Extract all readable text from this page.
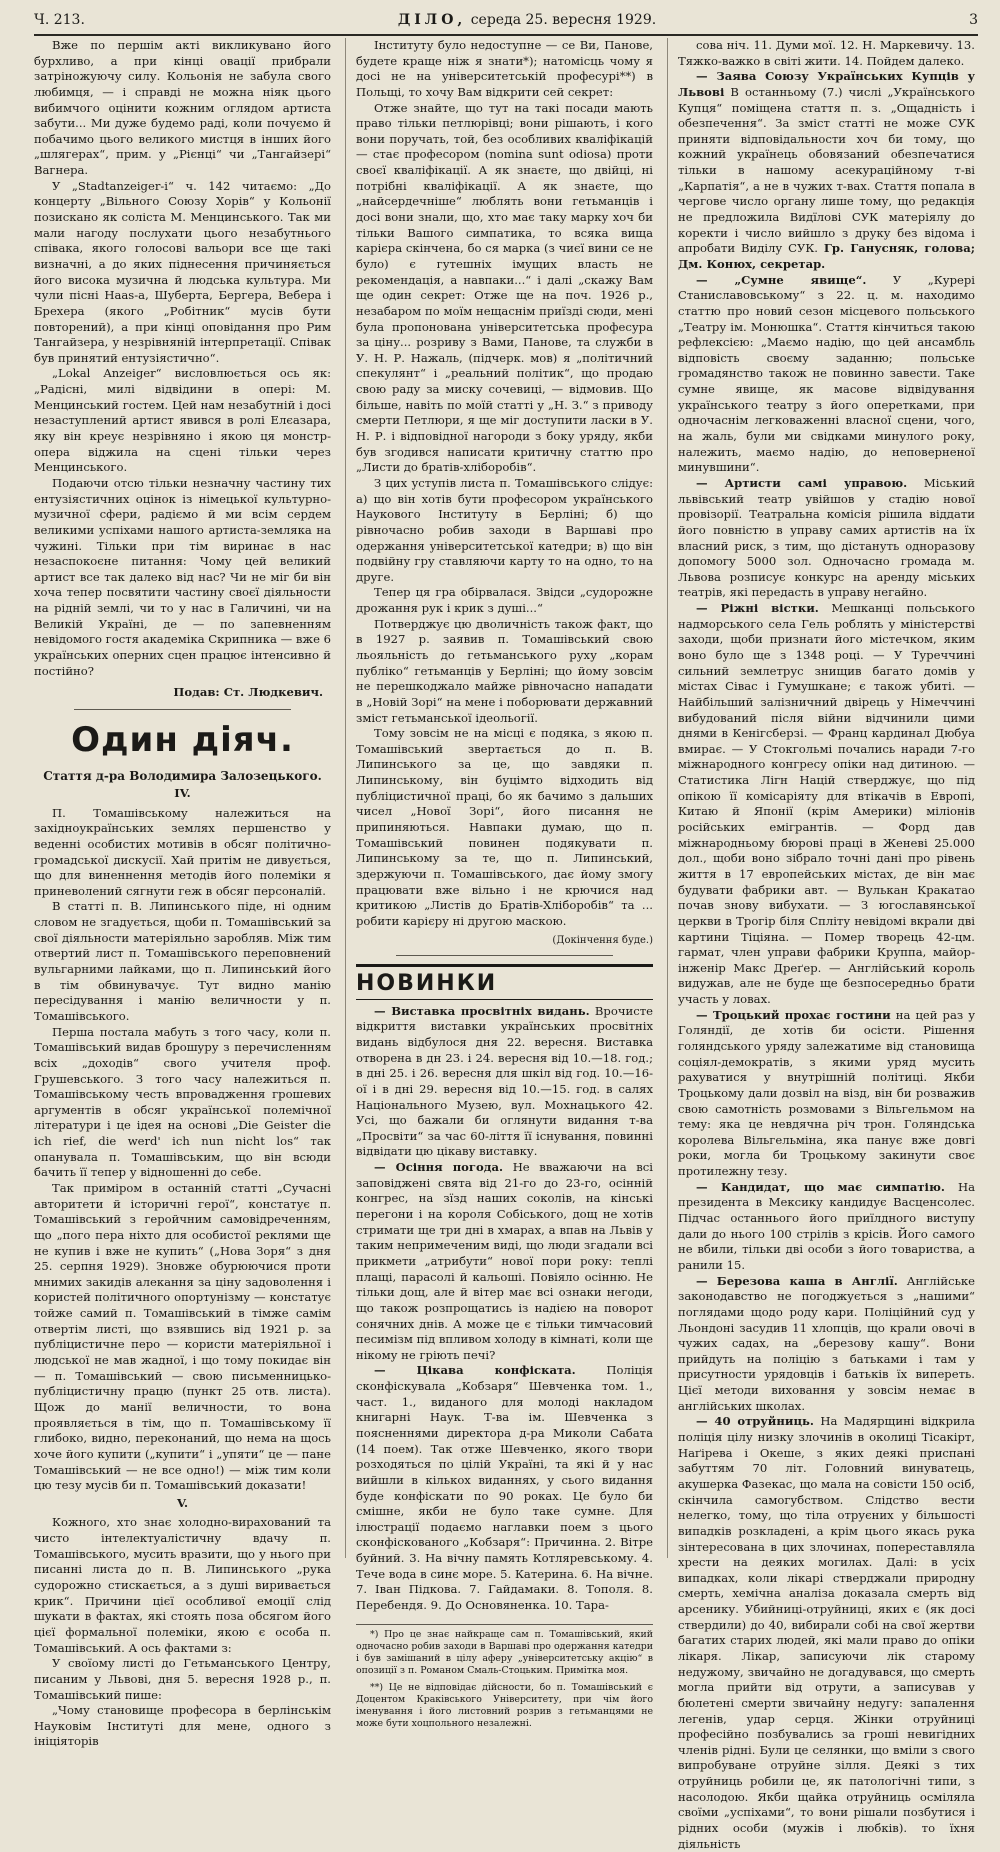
Ч. 213.	ДІЛО, середа 25. вересня 1929.	3

Вже по першім акті викликувано його бурхливо, а при кінці овації прибрали затріножуючу силу. Кольонія не забула свого любимця, — і справді не можна ніяк цього вибимчого оцінити кожним оглядом артиста забути... Ми дуже будемо раді, коли почуємо й побачимо цього великого мистця в інших його „шлягерах“, прим. у „Рієнці“ чи „Тангайзері“ Вагнера.

У „Stadtanzeiger-і“ ч. 142 читаємо: „До концерту „Вільного Союзу Хорів“ у Кольонії позискано як соліста М. Менцинського. Так ми мали нагоду послухати цього незабутнього співака, якого голосові вальори все ще такі визначні, а до яких піднесення причиняється його висока музична й людська культура. Ми чули пісні Haas-а, Шуберта, Бергера, Вебера і Брехера (якого „Робітник“ мусів бути повторений), а при кінці оповідання про Рим Тангайзера, у незрівняній інтерпретації. Співак був принятий ентузіястично“.

„Lokal Anzeiger“ висловлюється ось як: „Радісні, милі відвідини в опері: М. Менцинський гостем. Цей нам незабутній і досі незаступлений артист явився в ролі Елєазара, яку він креує незрівняно і якою ця монстр-опера віджила на сцені тільки через Менцинського.

Подаючи отсю тільки незначну частину тих ентузіястичних оцінок із німецької культурно-музичної сфери, радіємо й ми всім сердем великими успіхами нашого артиста-земляка на чужині. Тільки при тім виринає в нас незаспокоєне питання: Чому цей великий артист все так далеко від нас? Чи не міг би він хоча тепер посвятити частину своєї діяльности на рідній землі, чи то у нас в Галичині, чи на Великій Україні, де — по запевненням невідомого гостя академіка Скрипника — вже 6 українських оперних сцен працює інтенсивно й постійно?

Подав: Ст. Людкевич.
Один діяч.
Стаття д-ра Володимира Залозецького.
IV.

П. Томашівському належиться на західноукраїнських землях першенство у веденні особистих мотивів в обсяг політично-громадської дискусії. Хай притім не дивується, що для виненнення методів його полеміки я приневолений сягнути геж в обсяг персоналій.

В статті п. В. Липинського піде, ні одним словом не згадується, щоби п. Томашівський за свої діяльности матеріяльно заробляв. Між тим отвертий лист п. Томашівського переповнений вульгарними лайками, що п. Липинський його в тім обвинувачує. Тут видно манію пересідування і манію величности у п. Томашівського.

Перша постала мабуть з того часу, коли п. Томашівський видав брошуру з перечисленням всіх „доходів“ свого учителя проф. Грушевського. З того часу належиться п. Томашівському честь впровадження грошевих аргументів в обсяг української полемічної літератури і це ідея на основі „Die Geister die ich rief, die werd' ich nun nicht los“ так опанувала п. Томашівським, що він всюди бачить її тепер у відношенні до себе.

Так приміром в останній статті „Сучасні авторитети й історичні герої“, констатує п. Томашівський з геройчним самовідреченням, що „пого пера ніхто для особистої реклями ще не купив і вже не купить“ („Нова Зоря“ з дня 25. серпня 1929). Зновже обурюючися проти мнимих закидів алекання за ціну задоволення і користей політичного опортунізму — констатує тойже самий п. Томашівський в тімже самім отвертім листі, що взявшись від 1921 р. за публіцистичне перо — користи матеріяльної і людської не мав жадної, і що тому покидає він — п. Томашівський — свою письменницько-публіцистичну працю (пункт 25 отв. листа). Щож до манії величности, то вона проявляється в тім, що п. Томашівському її глибоко, видно, переконаний, що нема на щось хоче його купити („купити“ і „упяти“ це — пане Томашівський — не все одно!) — між тим коли цю тезу мусів би п. Томашівський доказати!

V.

Кожного, хто знає холодно-вирахований та чисто інтелектуалістичну вдачу п. Томашівського, мусить вразити, що у нього при писанні листа до п. В. Липинського „рука судорожно стискається, а з душі виривається крик“. Причини цієї особливої емоції слід шукати в фактах, які стоять поза обсягом його цієї формальної полеміки, якою є особа п. Томашівський. А ось фактами з:

У своїому листі до Гетьманського Центру, писаним у Львові, дня 5. вересня 1928 р., п. Томашівський пише:

„Чому становище професора в берлінськім Науковім Інституті для мене, одного з ініціяторів

Інституту було недоступне — се Ви, Панове, будете краще ніж я знати*); натомісць чому я досі не на університетській професурі**) в Польщі, то хочу Вам відкрити сей секрет:

Отже знайте, що тут на такі посади мають право тільки петлюрівці; вони рішають, і кого вони поручать, той, без особливих кваліфікацій — стає професором (nomina sunt odiosa) проти своєї кваліфікації. А як знаєте, що двійці, ні потрібні кваліфікації. А як знаєте, що „найсердечніше“ люблять вони гетьманців і досі вони знали, що, хто має таку марку хоч би тільки Вашого симпатика, то всяка вища карієра скінчена, бо ся марка (з чиєї вини се не було) є гутешніх імущих власть не рекомендація, а навпаки...“ і далі „скажу Вам ще один секрет: Отже ще на поч. 1926 р., незабаром по моїм нещаснім приїзді сюди, мені була пропонована університетська професура за ціну... розриву з Вами, Панове, та служби в У. Н. Р. Нажаль, (підчерк. мов) я „політичний спекулянт“ і „реальний політик“, що продаю свою раду за миску сочевиці, — відмовив. Що більше, навіть по моїй статті у „Н. З.“ з приводу смерти Петлюри, я ще міг доступити ласки в У. Н. Р. і відповідної нагороди з боку уряду, якби був згодився написати критичну статтю про „Листи до братів-хліборобів“.

З цих уступів листа п. Томашівського слідує: а) що він хотів бути професором українського Наукового Інституту в Берліні; б) що рівночасно робив заходи в Варшаві про одержання університетської катедри; в) що він подвійну гру ставляючи карту то на одно, то на друге.

Тепер ця гра обірвалася. Звідси „судорожне дрожання рук і крик з душі...“

Потверджує цю дволичність також факт, що в 1927 р. заявив п. Томашівський свою льояльність до гетьманського руху „корам публіко“ гетьманців у Берліні; що йому зовсім не перешкоджало майже рівночасно нападати в „Новій Зорі“ на мене і поборювати державний зміст гетьманської ідеольогії.

Тому зовсім не на місці є подяка, з якою п. Томашівський звертається до п. В. Липинського за це, що завдяки п. Липинському, він буцімто відходить від публіцистичної праці, бо як бачимо з дальших чисел „Нової Зорі“, його писання не припиняються. Навпаки думаю, що п. Томашівський повинен подякувати п. Липинському за те, що п. Липинський, здержуючи п. Томашівського, дає йому змогу працювати вже вільно і не крючися над критикою „Листів до Братів-Хліборобів“ та ... робити карієру ні другою маскою.

(Докінчення буде.)
НОВИНКИ

— Виставка просвітніх видань. Врочисте відкриття виставки українських просвітніх видань відбулося дня 22. вересня. Виставка отворена в дн 23. і 24. вересня від 10.—18. год.; в дні 25. і 26. вересня для шкіл від год. 10.—16-ої і в дні 29. вересня від 10.—15. год. в салях Національного Музею, вул. Мохнацького 42. Усі, що бажали би оглянути видання т-ва „Просвіти“ за час 60-ліття її існування, повинні відвідати цю цікаву виставку.

— Осіння погода. Не вважаючи на всі заповіджені свята від 21-го до 23-го, осінній конгрес, на зїзд наших соколів, на кінські перегони і на короля Собіського, дощ не хотів стримати ще три дні в хмарах, а впав на Львів у таким непримеченим виді, що люди згадали всі прикмети „атрибути“ нової пори року: теплі плащі, парасолі й кальоші. Повіяло осінню. Не тільки дощ, але й вітер має всі ознаки негоди, що також розпрощатись із надією на поворот сонячних днів. А може це є тільки тимчасовий песимізм під впливом холоду в кімнаті, коли ще нікому не гріють печі?

— Цікава конфіската.	Поліція сконфіскувала „Кобзаря“ Шевченка том. 1., част. 1., виданого для молоді накладом книгарні Наук. Т-ва ім. Шевченка з поясненнями директора д-ра Миколи Сабата (14 поем). Так отже Шевченко, якого твори розходяться по цілій Україні, та які й у нас вийшли в кількох виданнях, у сього видання буде конфіскати по 90 роках. Це було би смішне, якби не було таке сумне. Для ілюстрації подаємо наглавки поем з цього сконфіскованого „Кобзаря“: Причинна. 2. Вітре буйний. 3. На вічну память Котляревському. 4. Тече вода в синє море. 5. Катерина. 6. На вічне. 7. Іван Підкова. 7. Гайдамаки. 8. Тополя. 8. Перебендя. 9. До Основяненка. 10. Тара-

*) Про це знає найкраще сам п. Томашівський, який одночасно робив заходи в Варшаві про одержання катедри і був замішаний в цілу аферу „університетську акцію“ в опозиції з п. Романом Смаль-Стоцьким. Примітка моя.

**) Це не відповідає дійсности, бо п. Томашівський є Доцентом Краківського Університету, при чім його іменування і його листовний розрив з гетьманцями не може бути хоцпольного незалежні.

сова ніч. 11. Думи мої. 12. Н. Маркевичу. 13. Тяжко-важко в світі жити. 14. Пойдем далеко.

— Заява Союзу Українських Купців у Львові В останньому (7.) числі „Українського Купця“ поміщена стаття п. з. „Ощадність і обезпечення“. За зміст статті не може СУК приняти відповідальности хоч би тому, що кожний українець обовязаний обезпечатися тільки в нашому асекураційному т-ві „Карпатія“, а не в чужих т-вах. Стаття попала в чергове число органу лише тому, що редакція не предложила Видїлові СУК матеріялу до коректи і число вийшло з друку без відома і апробати Виділу СУК. Гр. Ганусняк, голова; Дм. Конюх, секретар.

— „Сумне явище“. У „Курері Станиславовському“ з 22. ц. м. находимо статтю про новий сезон місцевого польського „Театру ім. Монюшка“. Стаття кінчиться такою рефлексією: „Маємо надію, що цей ансамбль відповість своєму заданню; польське громадянство також не повинно завести. Таке сумне явище, як масове відвідування українського театру з його оперетками, при одночаснім легковаженні власної сцени, чого, на жаль, були ми свідками минулого року, належить, маємо надію, до неповерненої минувшини“.

— Артисти самі управою. Міський львівський театр увійшов у стадію нової провізорії. Театральна комісія рішила віддати його повністю в управу самих артистів на їх власний риск, з тим, що дістануть одноразову допомогу 5000 зол. Одночасно громада м. Львова розписує конкурс на аренду міських театрів, які передасть в управу негайно.

— Ріжні вістки. Мешканці польського надморського села Гель роблять у міністерстві заходи, щоби признати його містечком, яким воно було ще з 1348 році. — У Туреччині сильний землетрус знищив багато домів у містах Сівас і Гумушкане; є також убиті. — Найбільший залізничний двірець у Німеччині вибудований після війни відчинили цими днями в Кенігсберзі. — Франц кардинал Дюбуа вмирає. — У Стокгольмі почались наради 7-го міжнародного конгресу опіки над дитиною. — Статистика Лігн Націй стверджує, що під опікою її комісаріяту для втікачів в Европі, Китаю й Японії (крім Америки) міліонів російських емігрантів. — Форд дав міжнародньому бюрові праці в Женеві 25.000 дол., щоби воно зібрало точні дані про рівень життя в 17 европейських містах, де він має будувати фабрики авт. — Вулькан Кракатао почав знову вибухати. — З югославянської церкви в Трогір біля Спліту невідомі вкрали дві картини Тіціяна. — Помер творець 42-цм. гармат, член управи фабрики Круппа, майор-інженір Макс Дреґер. — Англійський король видужав, але не буде ще безпосередньо брати участь у ловах.

— Троцький прохає гостини на цей раз у Голяндії, де хотів би осісти. Рішення голяндського уряду залежатиме від становища соціял-демократів, з якими уряд мусить рахуватися у внутрішній політиці. Якби Троцькому дали дозвіл на візд, він би розважив свою самотність розмовами з Вільгельмом на тему: яка це невдячна річ трон. Голяндська королева Вільгельміна, яка панує вже довгі роки, могла би Троцькому закинути своє протилежну тезу.

— Кандидат, що має симпатію. На президента в Мексику кандидує Васценсолес. Підчас останнього його приїлдного виступу дали до нього 100 стрілів з крісів. Його самого не вбили, тільки дві особи з його товариства, а ранили 15.

— Березова каша в Англії. Англійське законодавство не погоджується з „нашими“ поглядами щодо роду кари. Поліційний суд у Льондоні засудив 11 хлопців, що крали овочі в чужих садах, на „березову кашу“. Вони прийдуть на поліцію з батьками і там у присутности урядовців і батьків їх випереть. Цієї методи виховання у зовсім немає в англійських школах.

— 40 отруйниць. На Мадярщині відкрила поліція цілу низку злочинів в околиці Тісакірт, Наґірева і Океше, з яких деякі приспані забуттям 70 літ. Головний винуватець, акушерка Фазекас, що мала на совісти 150 осіб, скінчила самогубством. Слідство вести нелегко, тому, що тіла отруєних у більшості випадків розкладені, а крім цього якась рука зінтересована в цих злочинах, попереставляла хрести на деяких могилах. Далі: в усіх випадках, коли лікарі стверджали природну смерть, хемічна аналіза доказала смерть від арсенику. Убийниці-отруйниці, яких є (як досі ствердили) до 40, вибирали собі на свої жертви багатих старих людей, які мали право до опіки лікаря. Лікар, записуючи лік старому недужому, звичайно не догадувався, що смерть могла прийти від отрути, а записував у бюлетені смерти звичайну недугу: запалення легенів, удар серця. Жінки отруйниці професійно позбувались за гроші невигідних членів рідні. Були це селянки, що вміли з свого випробуване отруйне зілля. Деякі з тих отруйниць робили це, як патологічні типи, з насолодою. Якби щайка отруйниць осміляла своїми „успіхами“, то вони рішали позбутися і рідних особи (мужів і любків). то їхня діяльність
